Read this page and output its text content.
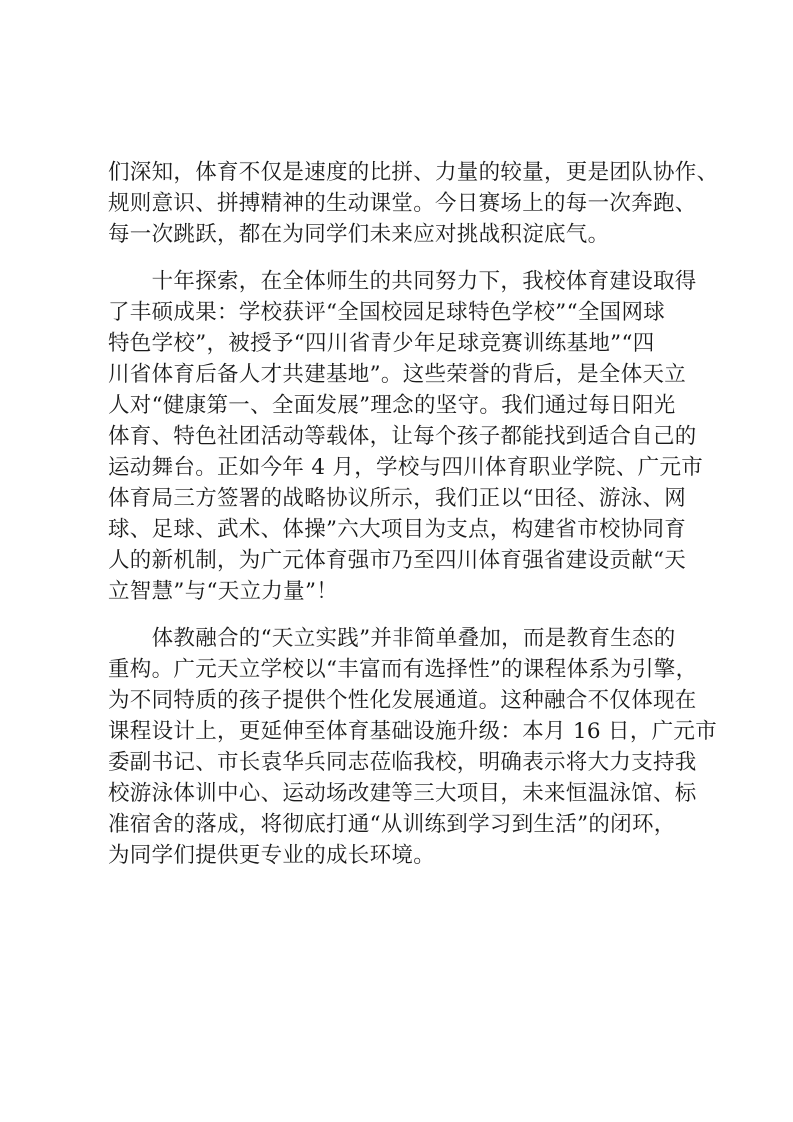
们深知，体育不仅是速度的比拼、力量的较量，更是团队协作、
规则意识、拼搏精神的生动课堂。今日赛场上的每一次奔跑、
每一次跳跃，都在为同学们未来应对挑战积淀底气。
　　十年探索，在全体师生的共同努力下，我校体育建设取得
了丰硕成果：学校获评“全国校园足球特色学校”“全国网球
特色学校”，被授予“四川省青少年足球竞赛训练基地”“四
川省体育后备人才共建基地”。这些荣誉的背后，是全体天立
人对“健康第一、全面发展”理念的坚守。我们通过每日阳光
体育、特色社团活动等载体，让每个孩子都能找到适合自己的
运动舞台。正如今年 4 月，学校与四川体育职业学院、广元市
体育局三方签署的战略协议所示，我们正以“田径、游泳、网
球、足球、武术、体操”六大项目为支点，构建省市校协同育
人的新机制，为广元体育强市乃至四川体育强省建设贡献“天
立智慧”与“天立力量”！
　　体教融合的“天立实践”并非简单叠加，而是教育生态的
重构。广元天立学校以“丰富而有选择性”的课程体系为引擎，
为不同特质的孩子提供个性化发展通道。这种融合不仅体现在
课程设计上，更延伸至体育基础设施升级：本月 16 日，广元市
委副书记、市长袁华兵同志莅临我校，明确表示将大力支持我
校游泳体训中心、运动场改建等三大项目，未来恒温泳馆、标
准宿舍的落成，将彻底打通“从训练到学习到生活”的闭环，
为同学们提供更专业的成长环境。
